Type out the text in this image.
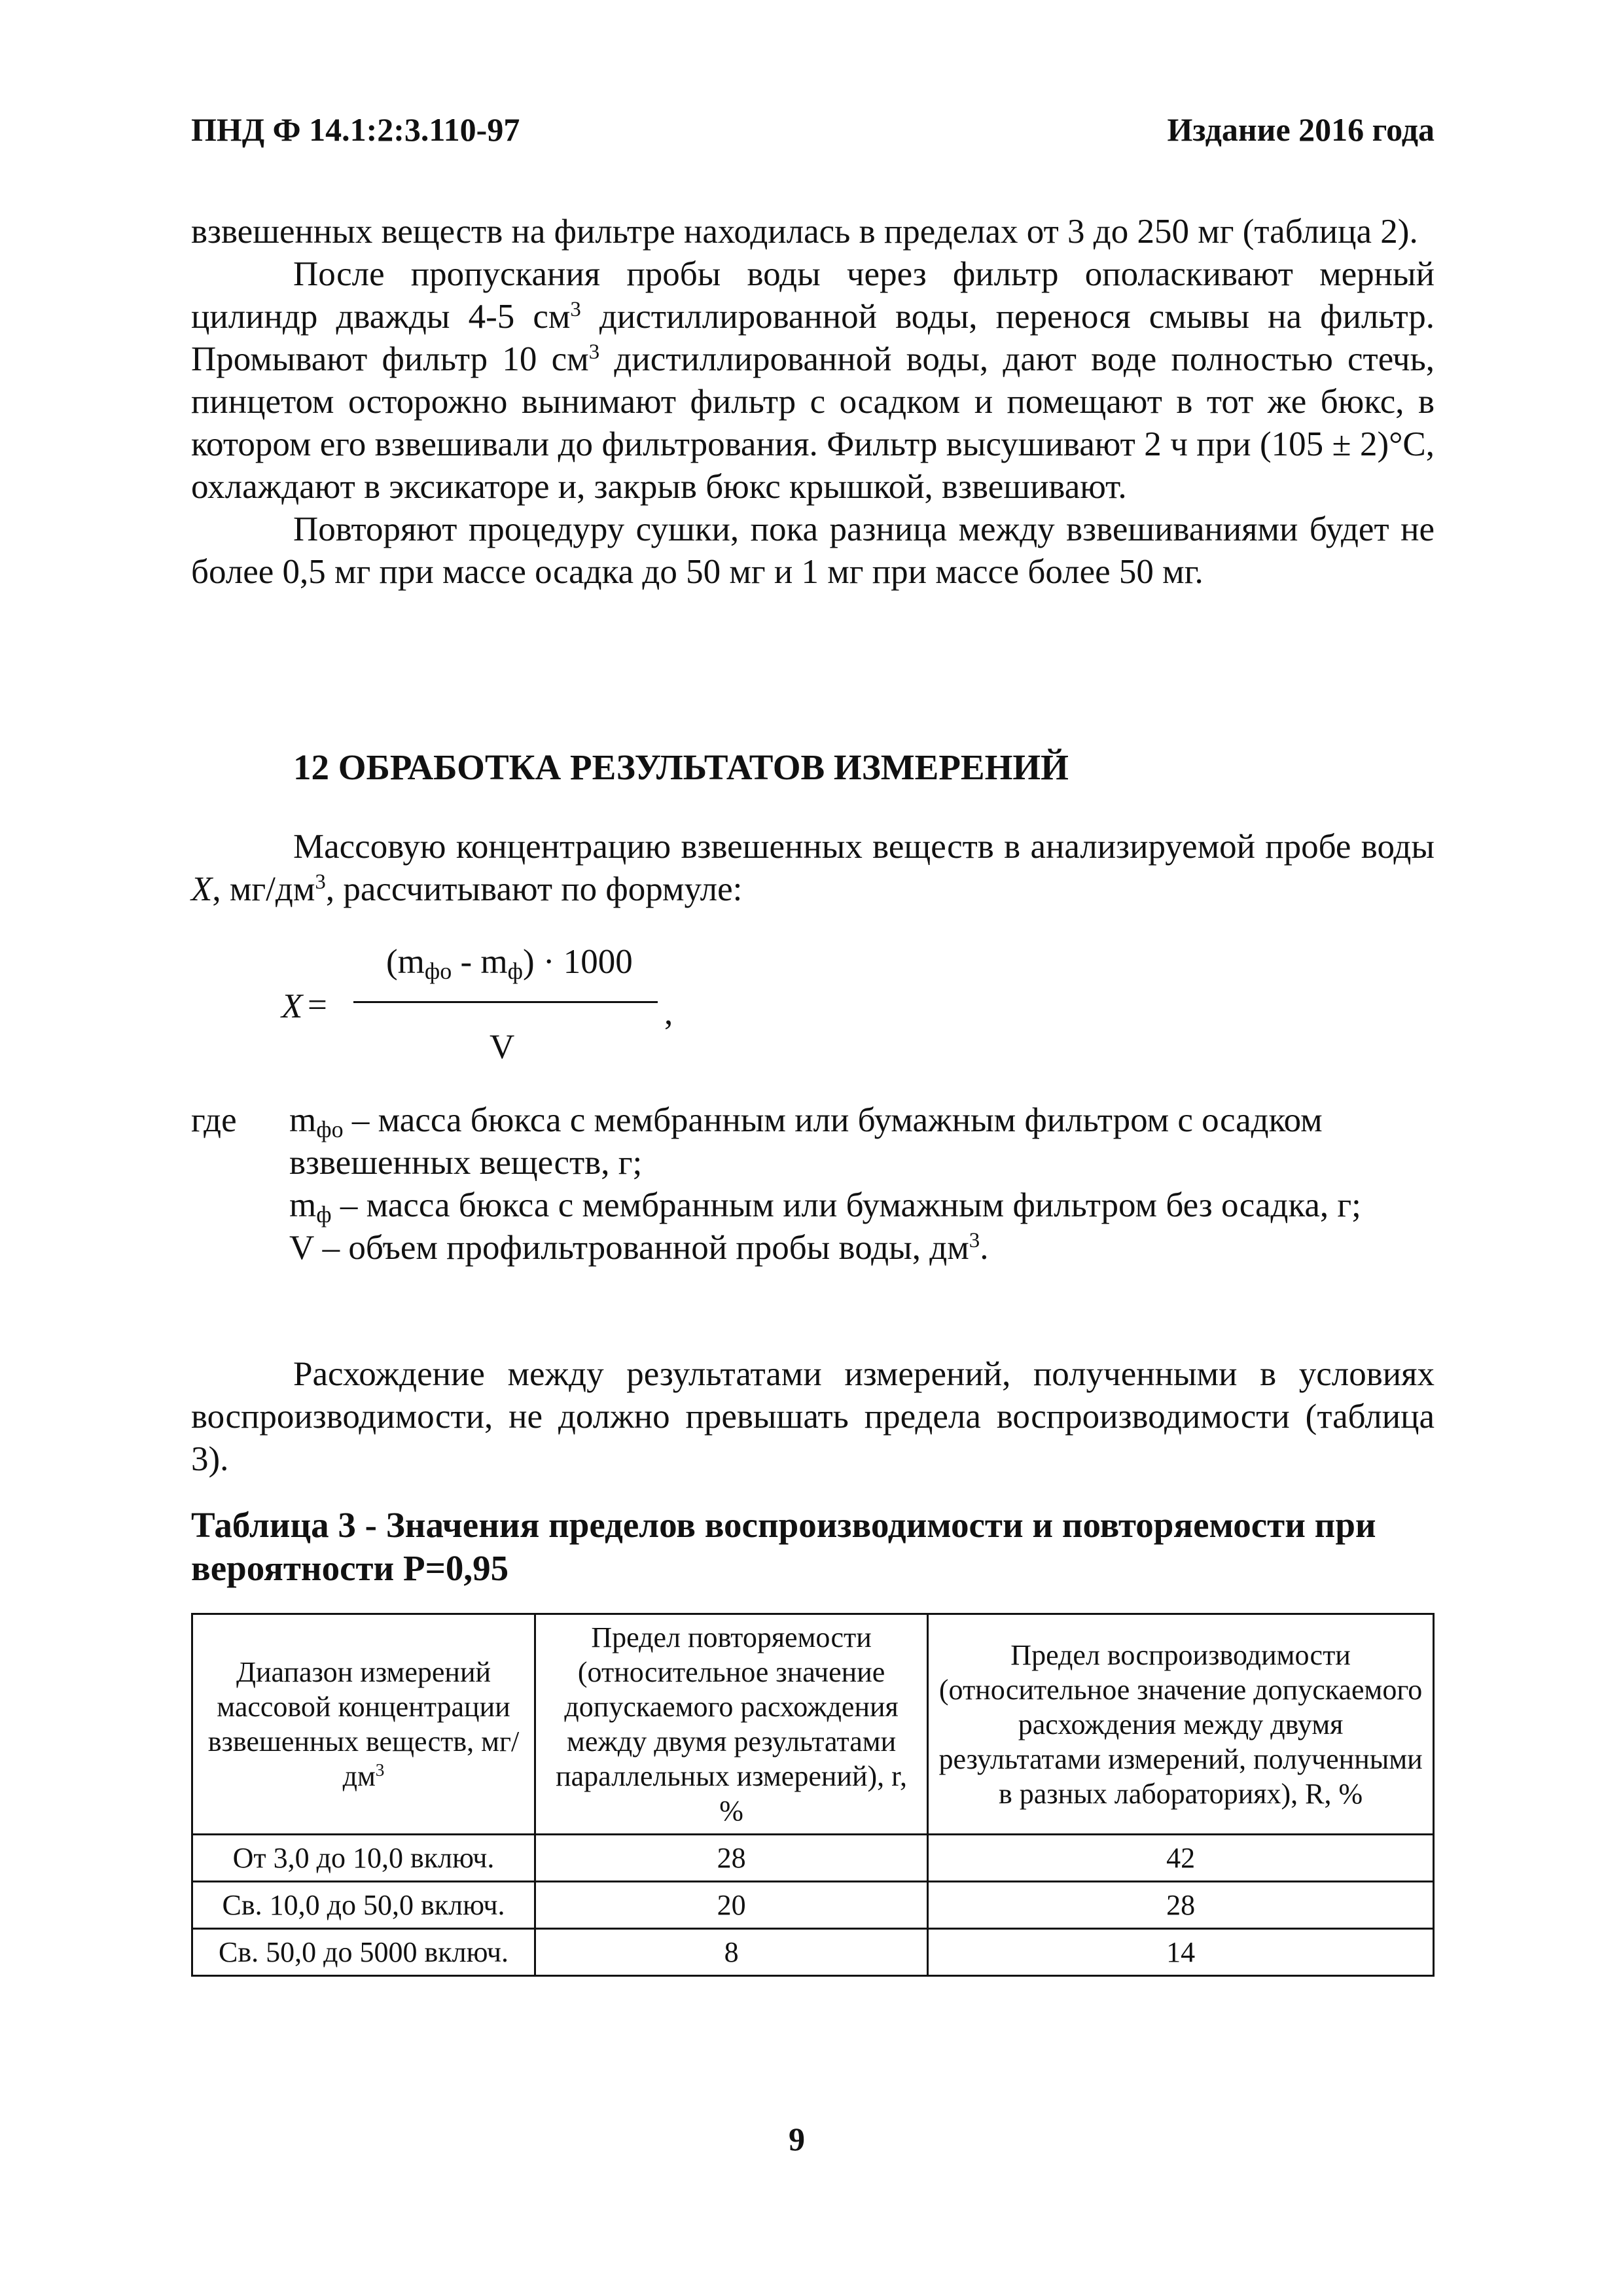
ПНД Ф 14.1:2:3.110-97	Издание 2016 года

взвешенных веществ на фильтре находилась в пределах от 3 до 250 мг (таблица 2).

После пропускания пробы воды через фильтр ополаскивают мерный цилиндр дважды 4-5 $см^3$ дистиллированной воды, перенося смывы на фильтр. Промывают фильтр 10 $см^3$ дистиллированной воды, дают воде полностью стечь, пинцетом осторожно вынимают фильтр с осадком и помещают в тот же бюкс, в котором его взвешивали до фильтрования. Фильтр высушивают 2 ч при (105 ± 2)°С, охлаждают в эксикаторе и, закрыв бюкс крышкой, взвешивают.

Повторяют процедуру сушки, пока разница между взвешиваниями будет не более 0,5 мг при массе осадка до 50 мг и 1 мг при массе более 50 мг.

12 ОБРАБОТКА РЕЗУЛЬТАТОВ ИЗМЕРЕНИЙ
Массовую концентрацию взвешенных веществ в анализируемой пробе воды X, $мг/дм^3$, рассчитывают по формуле:
X =
$(m_{фо} - m_ф) \cdot 1000$
,
V
где $m_{фо}$ – масса бюкса с мембранным или бумажным фильтром с осадком взвешенных веществ, г;

$m_ф$ – масса бюкса с мембранным или бумажным фильтром без осадка, г;

V – объем профильтрованной пробы воды, $дм^3$.

Расхождение между результатами измерений, полученными в условиях воспроизводимости, не должно превышать предела воспроизводимости (таблица 3).
Таблица 3 - Значения пределов воспроизводимости и повторяемости при вероятности Р=0,95
Диапазон измерений массовой концентрации взвешенных веществ, $мг/дм^3$	Предел повторяемости (относительное значение допускаемого расхождения между двумя результатами параллельных измерений), r, %	Предел воспроизводимости (относительное значение допускаемого расхождения между двумя результатами измерений, полученными в разных лабораториях), R, %
От 3,0 до 10,0 включ.	28	42
Св. 10,0 до 50,0 включ.	20	28
Св. 50,0 до 5000 включ.	8	14
9
